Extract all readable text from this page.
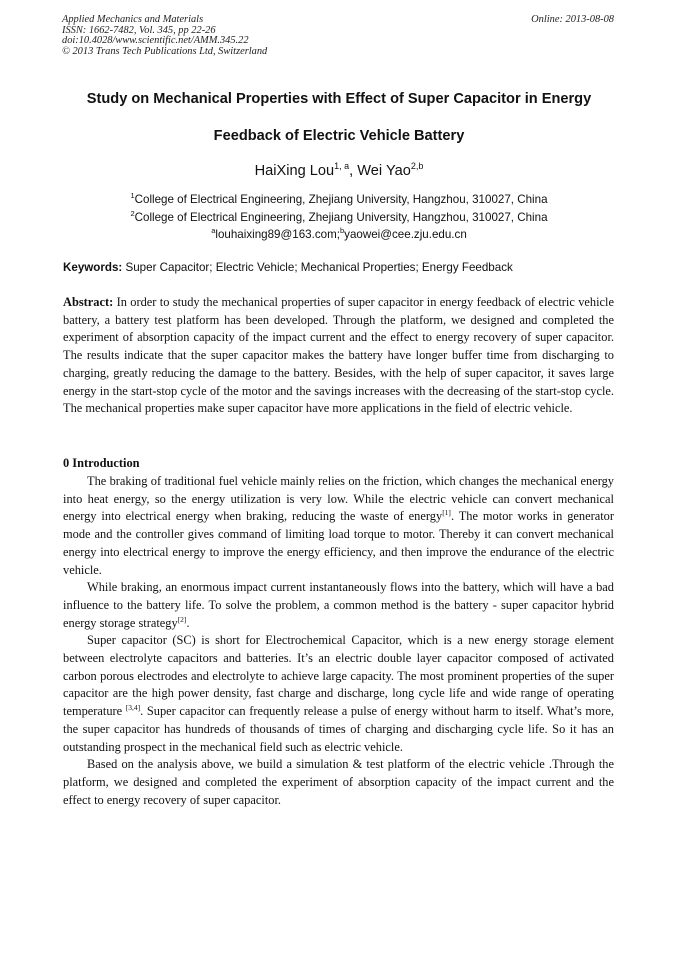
Applied Mechanics and Materials
ISSN: 1662-7482, Vol. 345, pp 22-26
doi:10.4028/www.scientific.net/AMM.345.22
© 2013 Trans Tech Publications Ltd, Switzerland
Online: 2013-08-08
Study on Mechanical Properties with Effect of Super Capacitor in Energy
Feedback of Electric Vehicle Battery
HaiXing Lou$^{1, a}$, Wei Yao$^{2,b}$
$^1$College of Electrical Engineering, Zhejiang University, Hangzhou, 310027, China
$^2$College of Electrical Engineering, Zhejiang University, Hangzhou, 310027, China
$^a$louhaixing89@163.com;$^b$yaowei@cee.zju.edu.cn
Keywords: Super Capacitor; Electric Vehicle; Mechanical Properties; Energy Feedback

Abstract: In order to study the mechanical properties of super capacitor in energy feedback of electric vehicle battery, a battery test platform has been developed. Through the platform, we designed and completed the experiment of absorption capacity of the impact current and the effect to energy recovery of super capacitor. The results indicate that the super capacitor makes the battery have longer buffer time from discharging to charging, greatly reducing the damage to the battery. Besides, with the help of super capacitor, it saves large energy in the start-stop cycle of the motor and the savings increases with the decreasing of the start-stop cycle. The mechanical properties make super capacitor have more applications in the field of electric vehicle.

0 Introduction

The braking of traditional fuel vehicle mainly relies on the friction, which changes the mechanical energy into heat energy, so the energy utilization is very low. While the electric vehicle can convert mechanical energy into electrical energy when braking, reducing the waste of energy[1]. The motor works in generator mode and the controller gives command of limiting load torque to motor. Thereby it can convert mechanical energy into electrical energy to improve the energy efficiency, and then improve the endurance of the electric vehicle.

While braking, an enormous impact current instantaneously flows into the battery, which will have a bad influence to the battery life. To solve the problem, a common method is the battery - super capacitor hybrid energy storage strategy[2].

Super capacitor (SC) is short for Electrochemical Capacitor, which is a new energy storage element between electrolyte capacitors and batteries. It’s an electric double layer capacitor composed of activated carbon porous electrodes and electrolyte to achieve large capacity. The most prominent properties of the super capacitor are the high power density, fast charge and discharge, long cycle life and wide range of operating temperature [3,4]. Super capacitor can frequently release a pulse of energy without harm to itself. What’s more, the super capacitor has hundreds of thousands of times of charging and discharging cycle life. So it has an outstanding prospect in the mechanical field such as electric vehicle.

Based on the analysis above, we build a simulation & test platform of the electric vehicle .Through the platform, we designed and completed the experiment of absorption capacity of the impact current and the effect to energy recovery of super capacitor.
